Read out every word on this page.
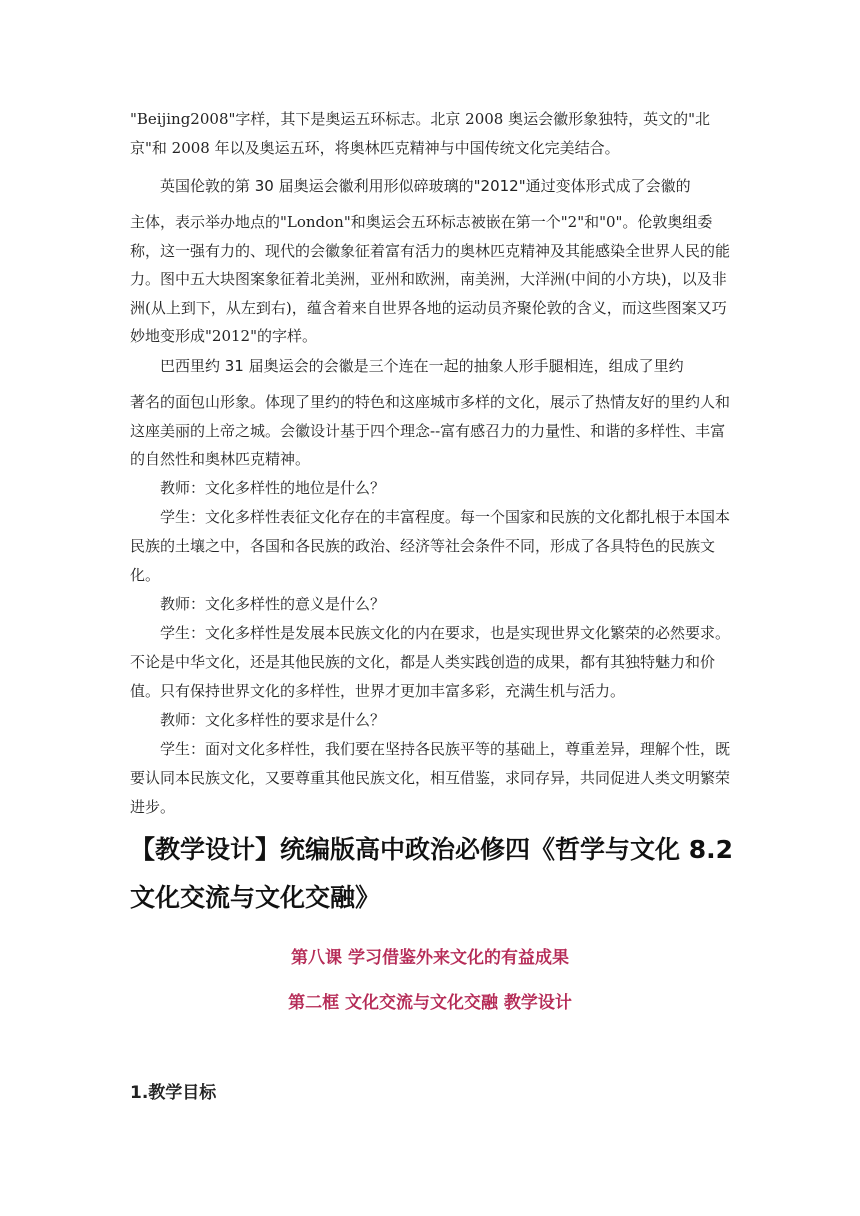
"Beijing2008"字样，其下是奥运五环标志。北京 2008 奥运会徽形象独特，英文的"北京"和 2008 年以及奥运五环，将奥林匹克精神与中国传统文化完美结合。

英国伦敦的第 30 届奥运会徽利用形似碎玻璃的"2012"通过变体形式成了会徽的

主体，表示举办地点的"London"和奥运会五环标志被嵌在第一个"2"和"0"。伦敦奥组委称，这一强有力的、现代的会徽象征着富有活力的奥林匹克精神及其能感染全世界人民的能力。图中五大块图案象征着北美洲，亚州和欧洲，南美洲，大洋洲(中间的小方块)，以及非洲(从上到下，从左到右)，蕴含着来自世界各地的运动员齐聚伦敦的含义，而这些图案又巧妙地变形成"2012"的字样。

巴西里约 31 届奥运会的会徽是三个连在一起的抽象人形手腿相连，组成了里约

著名的面包山形象。体现了里约的特色和这座城市多样的文化，展示了热情友好的里约人和这座美丽的上帝之城。会徽设计基于四个理念--富有感召力的力量性、和谐的多样性、丰富的自然性和奥林匹克精神。

教师：文化多样性的地位是什么？

学生：文化多样性表征文化存在的丰富程度。每一个国家和民族的文化都扎根于本国本民族的土壤之中，各国和各民族的政治、经济等社会条件不同，形成了各具特色的民族文化。

教师：文化多样性的意义是什么？

学生：文化多样性是发展本民族文化的内在要求，也是实现世界文化繁荣的必然要求。不论是中华文化，还是其他民族的文化，都是人类实践创造的成果，都有其独特魅力和价值。只有保持世界文化的多样性，世界才更加丰富多彩，充满生机与活力。

教师：文化多样性的要求是什么？

学生：面对文化多样性，我们要在坚持各民族平等的基础上，尊重差异，理解个性，既要认同本民族文化，又要尊重其他民族文化，相互借鉴，求同存异，共同促进人类文明繁荣进步。

【教学设计】统编版高中政治必修四《哲学与文化 8.2 文化交流与文化交融》

第八课 学习借鉴外来文化的有益成果

第二框 文化交流与文化交融 教学设计

1.教学目标
